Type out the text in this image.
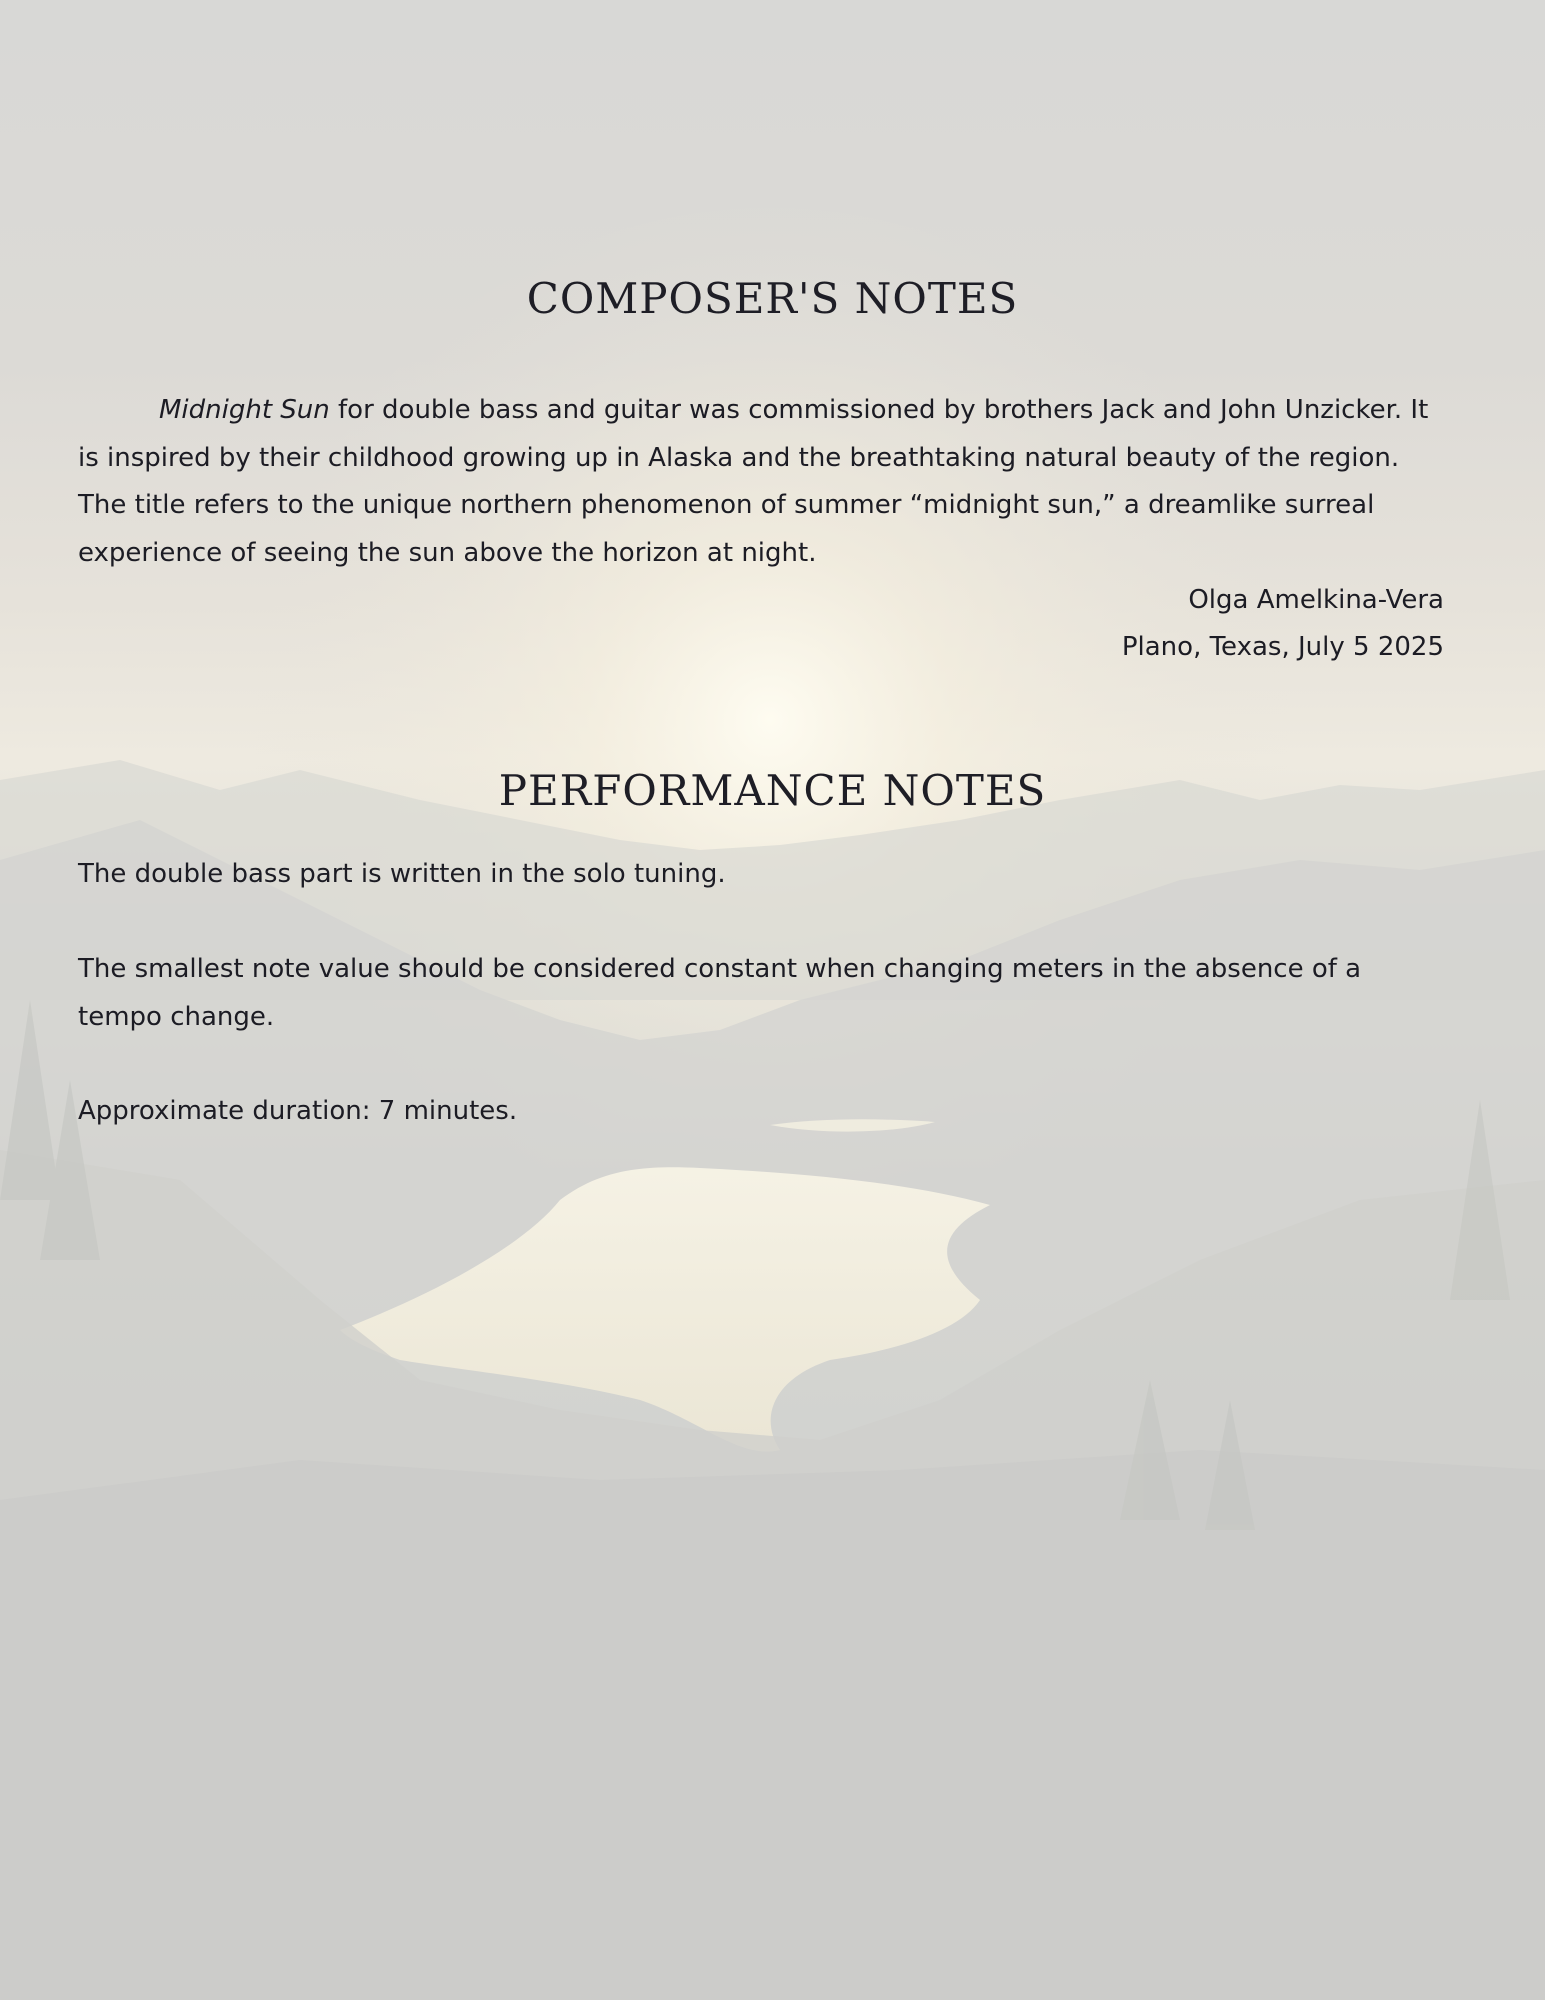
COMPOSER'S NOTES

Midnight Sun for double bass and guitar was commissioned by brothers Jack and John Unzicker. It is inspired by their childhood growing up in Alaska and the breathtaking natural beauty of the region. The title refers to the unique northern phenomenon of summer “midnight sun,” a dreamlike surreal experience of seeing the sun above the horizon at night.

Olga Amelkina-Vera

Plano, Texas, July 5 2025

PERFORMANCE NOTES

The double bass part is written in the solo tuning.

The smallest note value should be considered constant when changing meters in the absence of a tempo change.

Approximate duration: 7 minutes.
